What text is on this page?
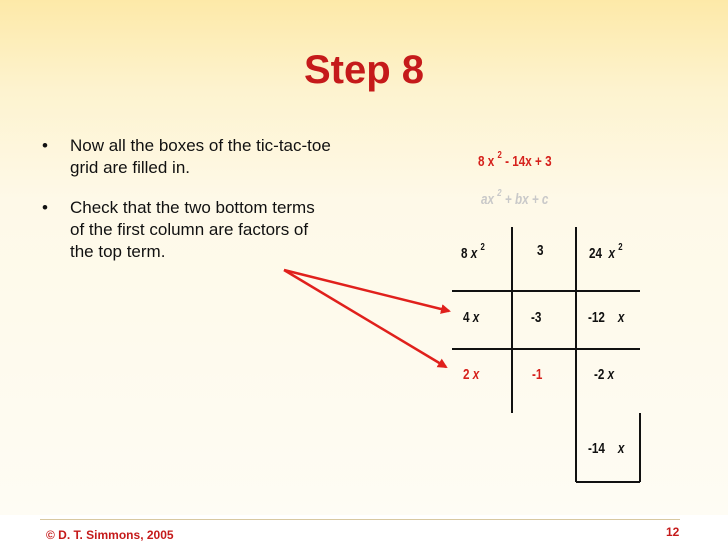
Step 8
• Now all the boxes of the tic-tac-toe grid are filled in.
• Check that the two bottom terms of the first column are factors of the top term.
8 x $^2$ - 14x + 3
ax $^2$ + bx + c
8 x $^2$	3	24 x $^2$
4 x	-3	-12 x
2 x	-1	-2 x
-14 x
© D. T. Simmons, 2005	12
